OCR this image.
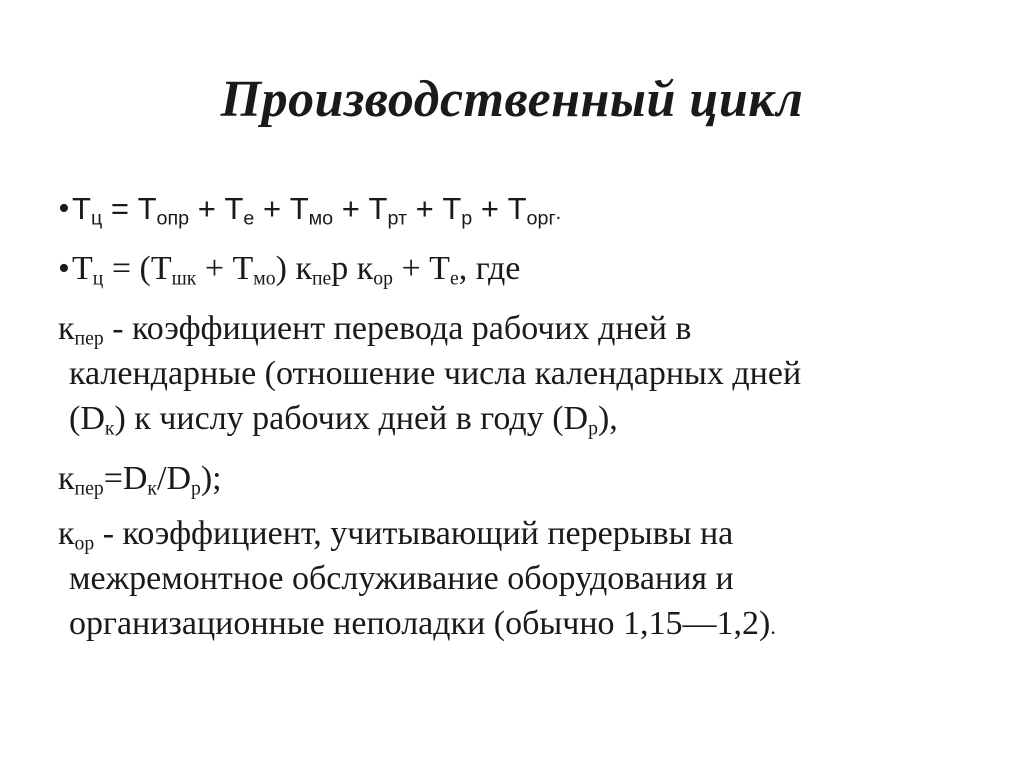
Производственный цикл
$•Т_ц = Т_{опр} + Т_е + Т_{мо} + Т_{рт} + Т_р + Т_{орг}$.
$•Т_ц = (Т_{шк} + Т_{мо})$ $к_{пе}р$ $к_{ор} + Т_е$, где
$к_{пер}$ - коэффициент перевода рабочих дней в
календарные (отношение числа календарных дней
$(D_к)$ к числу рабочих дней в году $(D_р)$,
$к_{пер}=D_к/D_р$);
$к_{ор}$ - коэффициент, учитывающий перерывы на
межремонтное обслуживание оборудования и
организационные неполадки (обычно 1,15—1,2).
